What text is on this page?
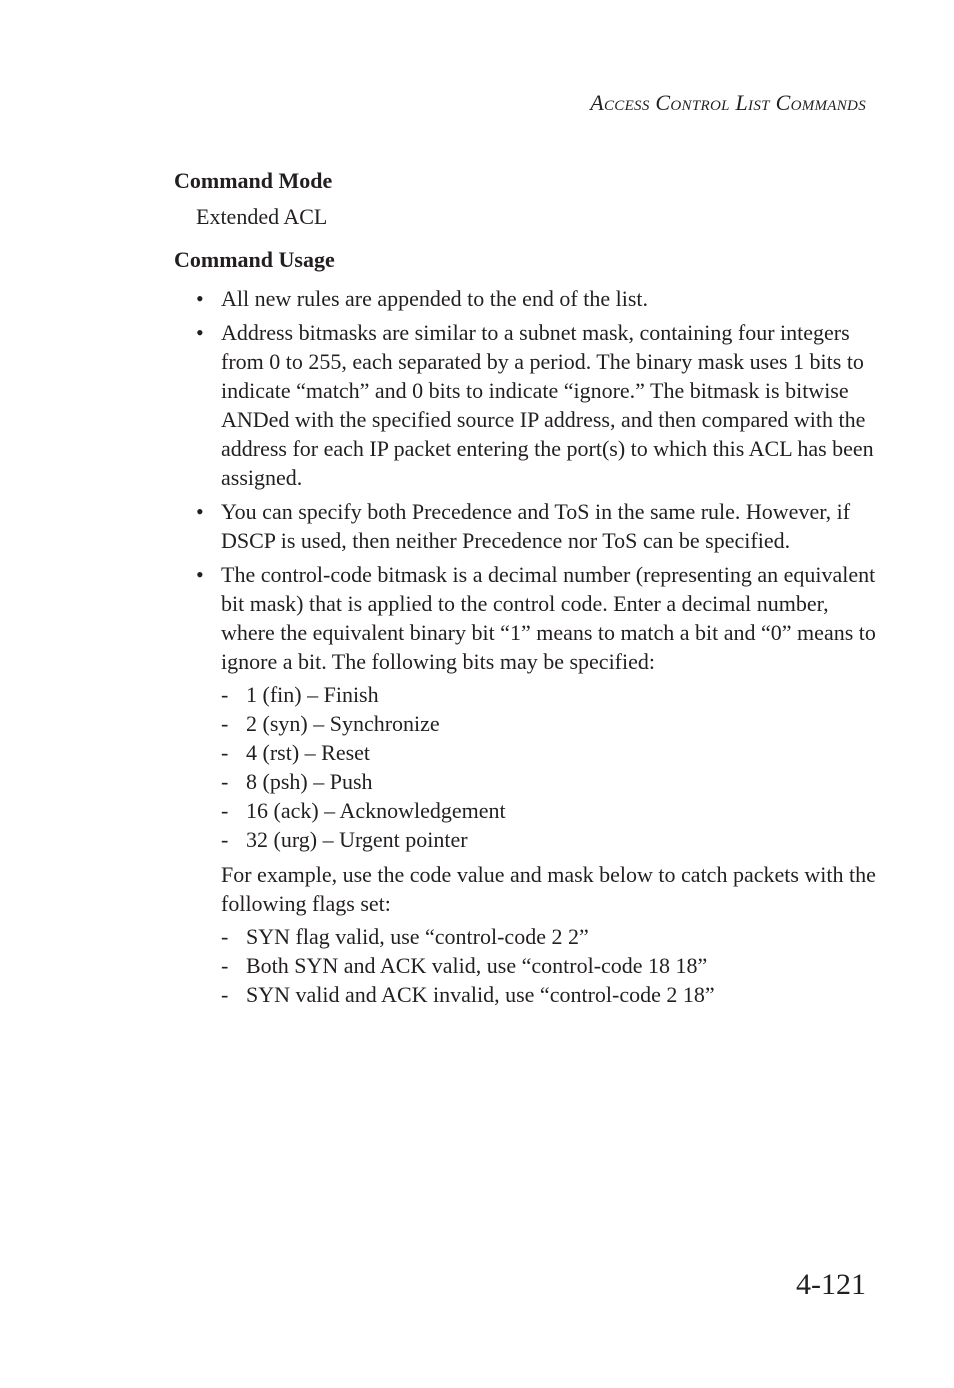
Access Control List Commands
Command Mode
Extended ACL
Command Usage
• All new rules are appended to the end of the list.
• Address bitmasks are similar to a subnet mask, containing four integers from 0 to 255, each separated by a period. The binary mask uses 1 bits to indicate “match” and 0 bits to indicate “ignore.” The bitmask is bitwise ANDed with the specified source IP address, and then compared with the address for each IP packet entering the port(s) to which this ACL has been assigned.
• You can specify both Precedence and ToS in the same rule. However, if DSCP is used, then neither Precedence nor ToS can be specified.
• The control-code bitmask is a decimal number (representing an equivalent bit mask) that is applied to the control code. Enter a decimal number, where the equivalent binary bit “1” means to match a bit and “0” means to ignore a bit. The following bits may be specified:
- 1 (fin) – Finish
- 2 (syn) – Synchronize
- 4 (rst) – Reset
- 8 (psh) – Push
- 16 (ack) – Acknowledgement
- 32 (urg) – Urgent pointer
For example, use the code value and mask below to catch packets with the following flags set:
- SYN flag valid, use “control-code 2 2”
- Both SYN and ACK valid, use “control-code 18 18”
- SYN valid and ACK invalid, use “control-code 2 18”
4-121
